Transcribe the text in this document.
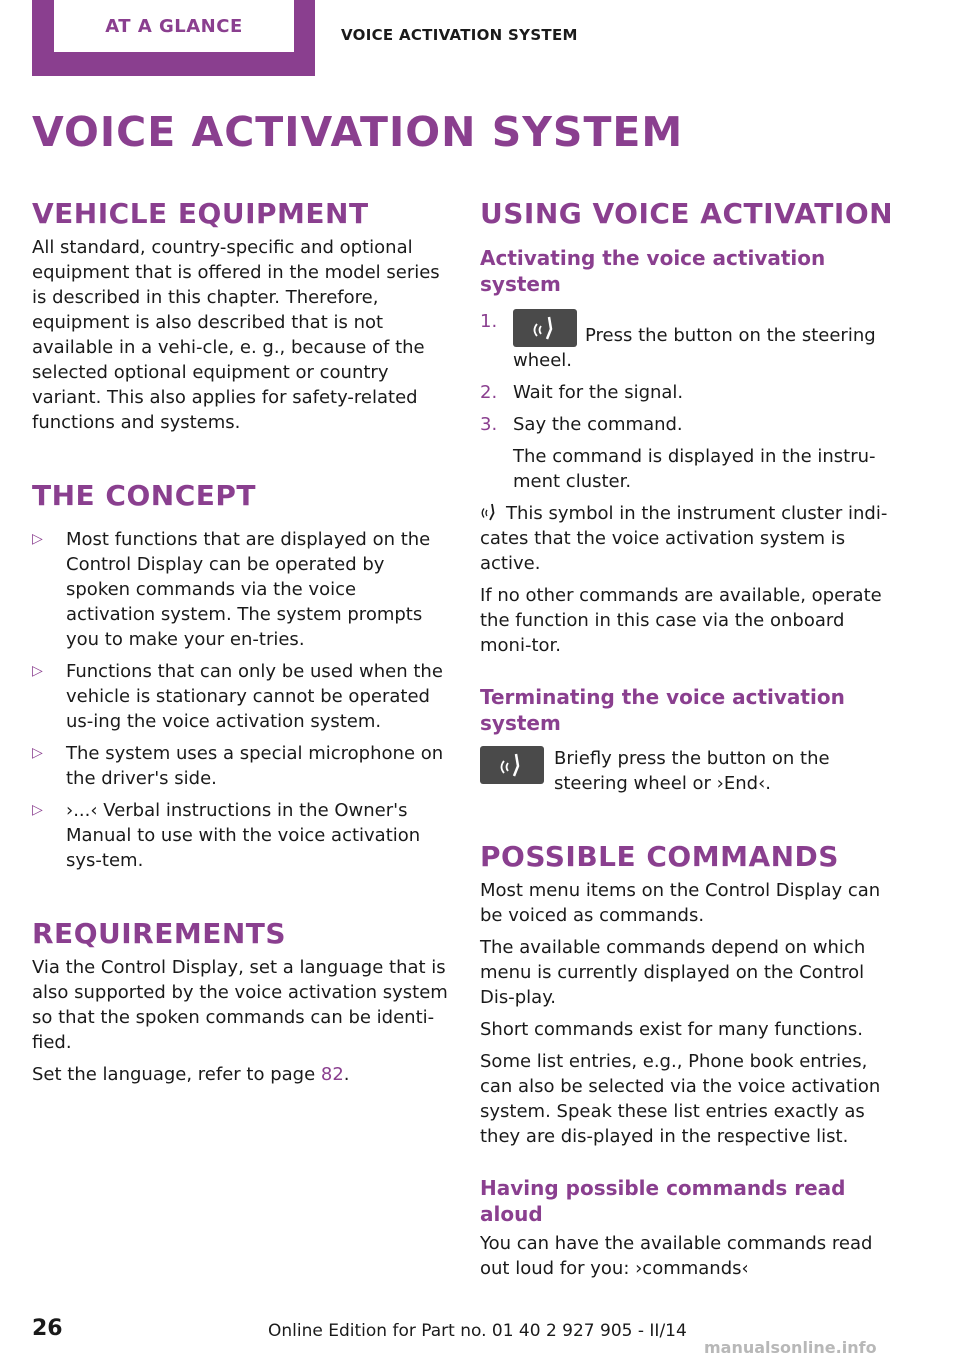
AT A GLANCE	VOICE ACTIVATION SYSTEM
VOICE ACTIVATION SYSTEM
VEHICLE EQUIPMENT

All standard, country-specific and optional equipment that is offered in the model series is described in this chapter. Therefore, equipment is also described that is not available in a vehi‐cle, e. g., because of the selected optional equipment or country variant. This also applies for safety-related functions and systems.

THE CONCEPT
▷ Most functions that are displayed on the Control Display can be operated by spoken commands via the voice activation system. The system prompts you to make your en‐tries.
▷ Functions that can only be used when the vehicle is stationary cannot be operated us‐ing the voice activation system.
▷ The system uses a special microphone on the driver's side.
▷ ›...‹ Verbal instructions in the Owner's Manual to use with the voice activation sys‐tem.
REQUIREMENTS

Via the Control Display, set a language that is also supported by the voice activation system so that the spoken commands can be identi‐fied.

Set the language, refer to page 82.

USING VOICE ACTIVATION
Activating the voice activation system
1.
Press the button on the steering wheel.
2. Wait for the signal.
3. Say the command.
The command is displayed in the instru‐ment cluster.

This symbol in the instrument cluster indi‐cates that the voice activation system is active.

If no other commands are available, operate the function in this case via the onboard moni‐tor.

Terminating the voice activation system
Briefly press the button on the steering wheel or ›End‹.
POSSIBLE COMMANDS

Most menu items on the Control Display can be voiced as commands.

The available commands depend on which menu is currently displayed on the Control Dis‐play.

Short commands exist for many functions.

Some list entries, e.g., Phone book entries, can also be selected via the voice activation system. Speak these list entries exactly as they are dis‐played in the respective list.

Having possible commands read aloud

You can have the available commands read out loud for you: ›commands‹

26	Online Edition for Part no. 01 40 2 927 905 - II/14
manualsonline.info
